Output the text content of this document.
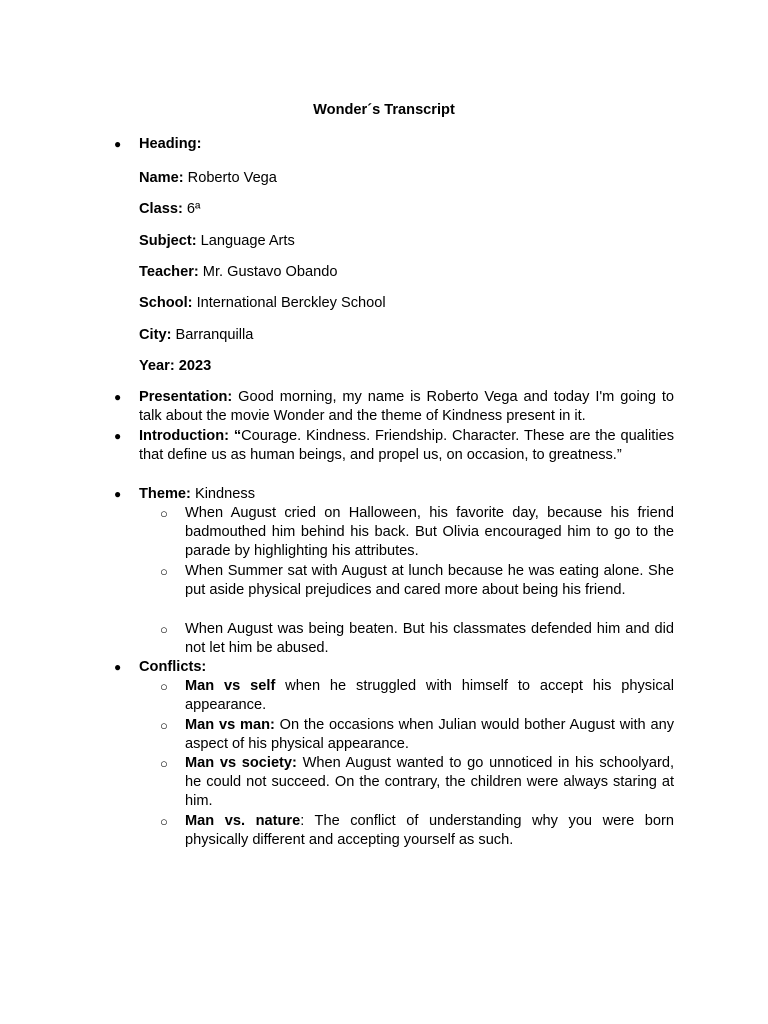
Wonder´s Transcript
●	Heading:
Name: Roberto Vega
Class: 6ª
Subject: Language Arts
Teacher: Mr. Gustavo Obando
School: International Berckley School
City: Barranquilla
Year: 2023
●	Presentation: Good morning, my name is Roberto Vega and today I'm going to talk about the movie Wonder and the theme of Kindness present in it.
●	Introduction: “Courage. Kindness. Friendship. Character. These are the qualities that define us as human beings, and propel us, on occasion, to greatness.”
●	Theme: Kindness
○	When August cried on Halloween, his favorite day, because his friend badmouthed him behind his back. But Olivia encouraged him to go to the parade by highlighting his attributes.
○	When Summer sat with August at lunch because he was eating alone. She put aside physical prejudices and cared more about being his friend.
○	When August was being beaten. But his classmates defended him and did not let him be abused.
●	Conflicts:
○	Man vs self when he struggled with himself to accept his physical appearance.
○	Man vs man: On the occasions when Julian would bother August with any aspect of his physical appearance.
○	Man vs society: When August wanted to go unnoticed in his schoolyard, he could not succeed. On the contrary, the children were always staring at him.
○	Man vs. nature: The conflict of understanding why you were born physically different and accepting yourself as such.
